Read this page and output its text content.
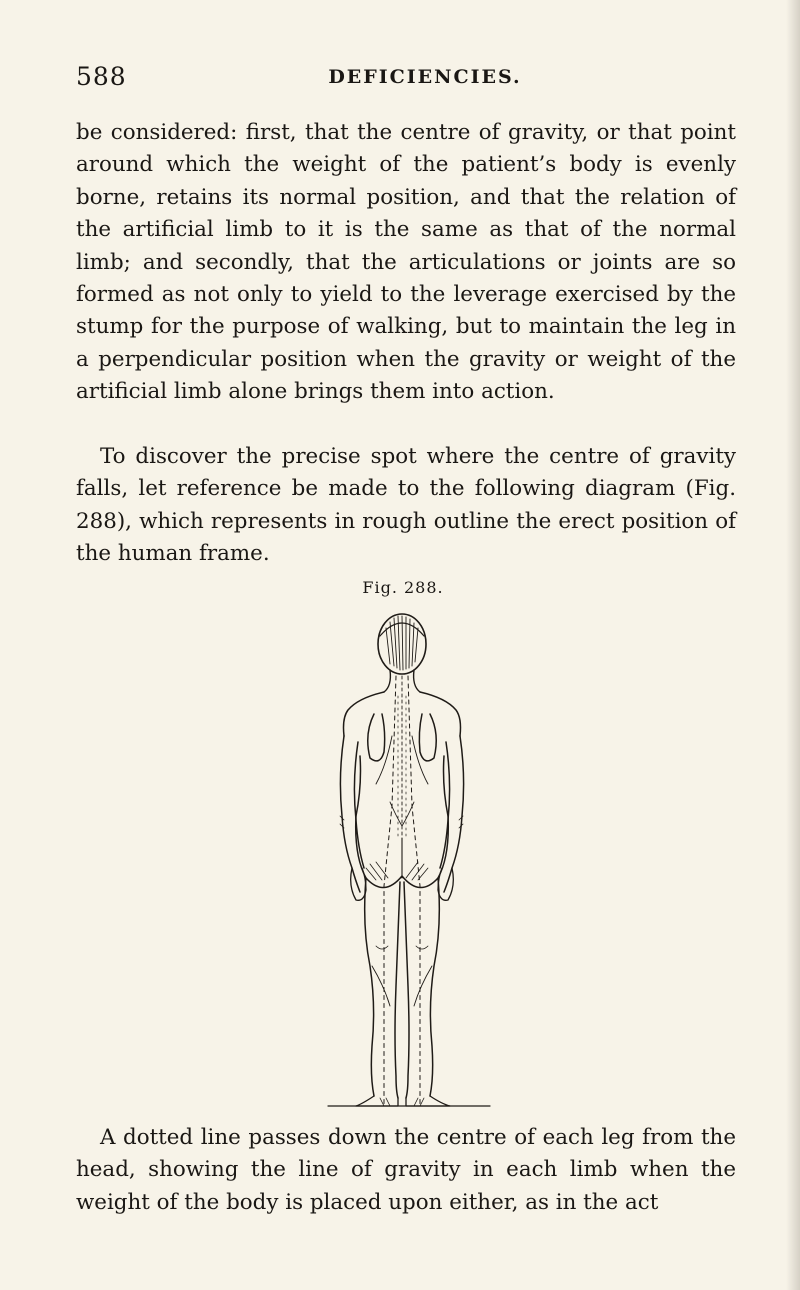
588	DEFICIENCIES.

be considered: first, that the centre of gravity, or that point around which the weight of the patient’s body is evenly borne, retains its normal position, and that the relation of the artificial limb to it is the same as that of the normal limb; and secondly, that the articulations or joints are so formed as not only to yield to the leverage exercised by the stump for the purpose of walking, but to maintain the leg in a perpendicular position when the gravity or weight of the artificial limb alone brings them into action.

To discover the precise spot where the centre of gravity falls, let reference be made to the following diagram (Fig. 288), which represents in rough outline the erect position of the human frame.

Fig. 288.

A dotted line passes down the centre of each leg from the head, showing the line of gravity in each limb when the weight of the body is placed upon either, as in the act
